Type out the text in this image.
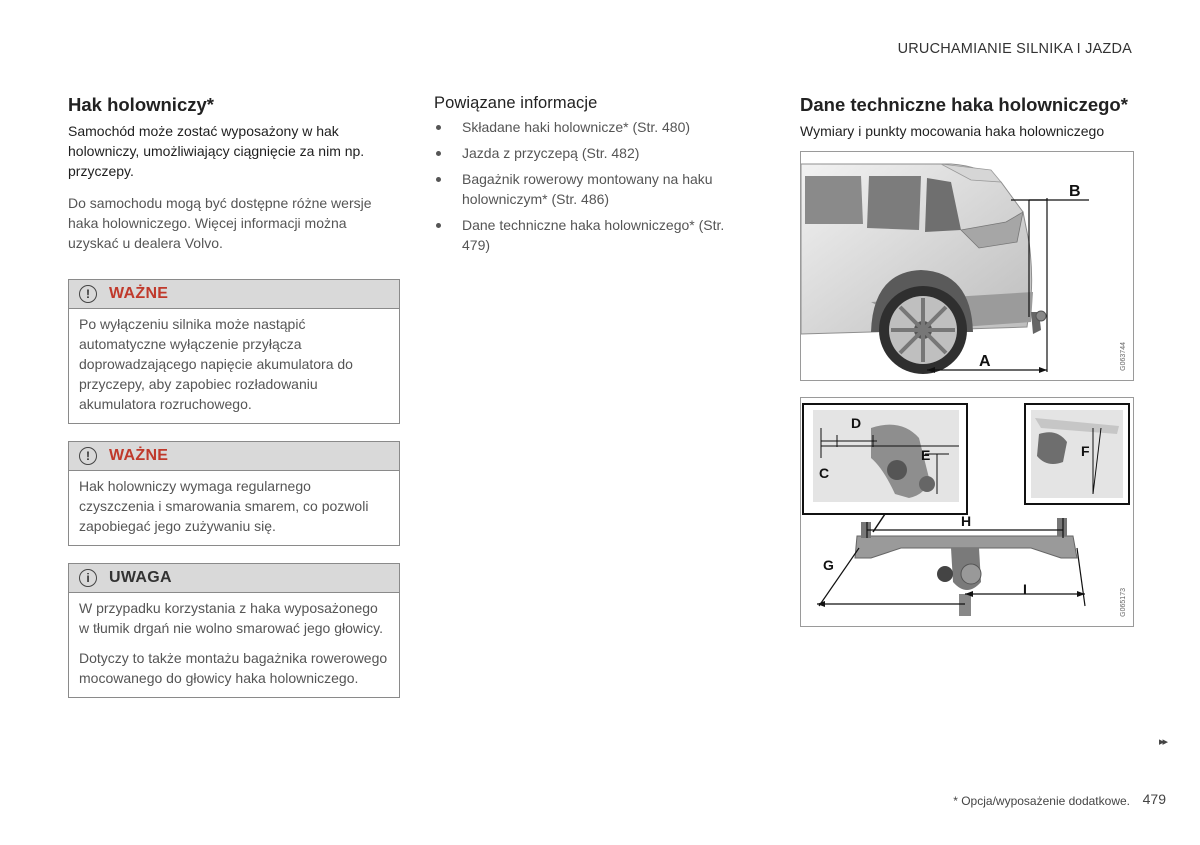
URUCHAMIANIE SILNIKA I JAZDA
Hak holowniczy*

Samochód może zostać wyposażony w hak holowniczy, umożliwiający ciągnięcie za nim np. przyczepy.

Do samochodu mogą być dostępne różne wersje haka holowniczego. Więcej informacji można uzyskać u dealera Volvo.

!	WAŻNE

Po wyłączeniu silnika może nastąpić automatyczne wyłączenie przyłącza doprowadzającego napięcie akumulatora do przyczepy, aby zapobiec rozładowaniu akumulatora rozruchowego.

!	WAŻNE

Hak holowniczy wymaga regularnego czyszczenia i smarowania smarem, co pozwoli zapobiegać jego zużywaniu się.

i	UWAGA

W przypadku korzystania z haka wyposażonego w tłumik drgań nie wolno smarować jego głowicy.

Dotyczy to także montażu bagażnika rowerowego mocowanego do głowicy haka holowniczego.

Powiązane informacje
Składane haki holownicze* (Str. 480)
Jazda z przyczepą (Str. 482)
Bagażnik rowerowy montowany na haku holowniczym* (Str. 486)
Dane techniczne haka holowniczego* (Str. 479)
Dane techniczne haka holowniczego*

Wymiary i punkty mocowania haka holowniczego

B
A	G063744
D
C
E	F
H
G
I	G065173
▸▸
* Opcja/wyposażenie dodatkowe. 479
